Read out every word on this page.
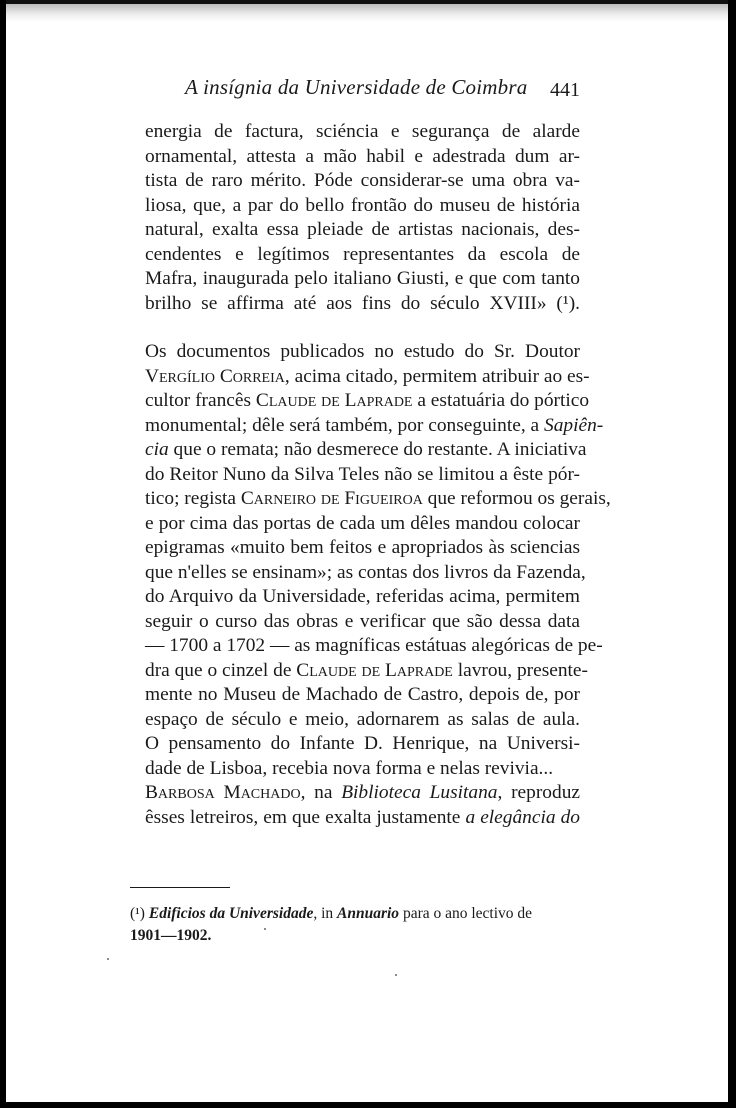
A insígnia da Universidade de Coimbra 441
energia de factura, sciéncia e segurança de alarde
ornamental, attesta a mão habil e adestrada dum ar-
tista de raro mérito. Póde considerar-se uma obra va-
liosa, que, a par do bello frontão do museu de história
natural, exalta essa pleiade de artistas nacionais, des-
cendentes e legítimos representantes da escola de
Mafra, inaugurada pelo italiano Giusti, e que com tanto
brilho se affirma até aos fins do século XVIII» (¹).
Os documentos publicados no estudo do Sr. Doutor
Vergílio Correia, acima citado, permitem atribuir ao es-
cultor francês Claude de Laprade a estatuária do pórtico
monumental; dêle será também, por conseguinte, a Sapiên-
cia que o remata; não desmerece do restante. A iniciativa
do Reitor Nuno da Silva Teles não se limitou a êste pór-
tico; regista Carneiro de Figueiroa que reformou os gerais,
e por cima das portas de cada um dêles mandou colocar
epigramas «muito bem feitos e apropriados às sciencias
que n'elles se ensinam»; as contas dos livros da Fazenda,
do Arquivo da Universidade, referidas acima, permitem
seguir o curso das obras e verificar que são dessa data
— 1700 a 1702 — as magníficas estátuas alegóricas de pe-
dra que o cinzel de Claude de Laprade lavrou, presente-
mente no Museu de Machado de Castro, depois de, por
espaço de século e meio, adornarem as salas de aula.
O pensamento do Infante D. Henrique, na Universi-
dade de Lisboa, recebia nova forma e nelas revivia...
Barbosa Machado, na Biblioteca Lusitana, reproduz
êsses letreiros, em que exalta justamente a elegância do
(¹) Edificios da Universidade, in Annuario para o ano lectivo de
1901—1902.
